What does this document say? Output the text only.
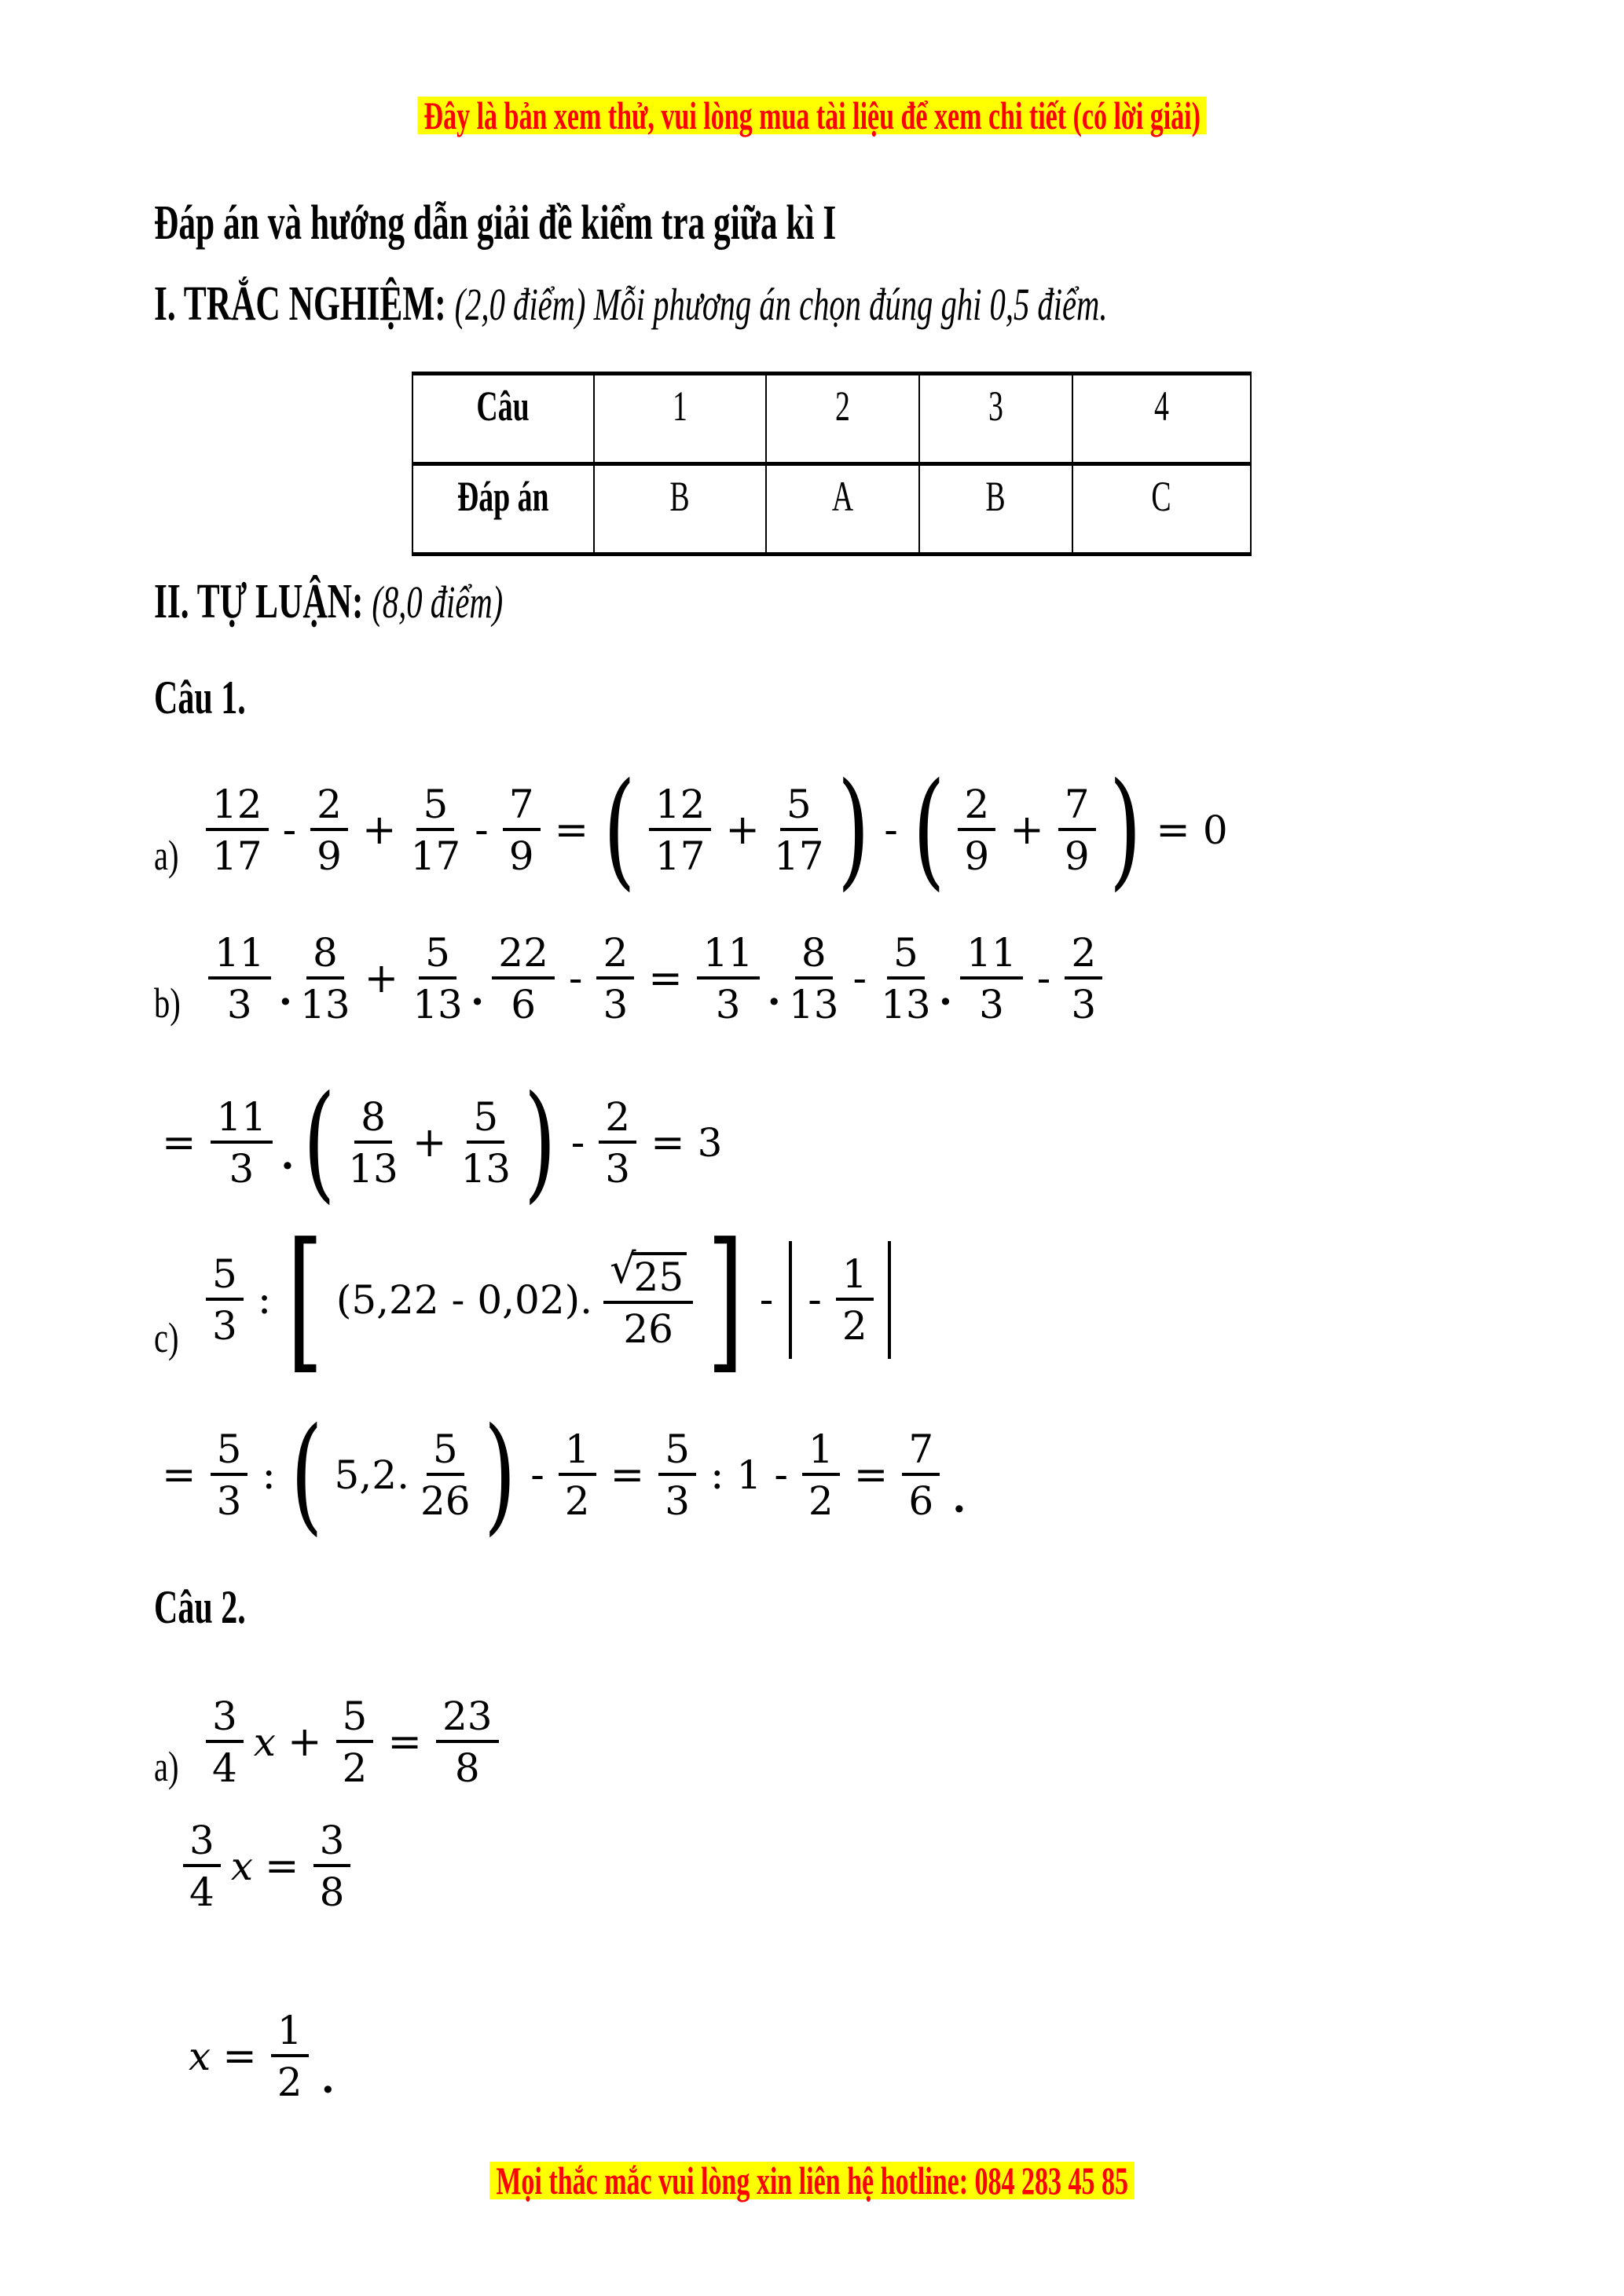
Đây là bản xem thử, vui lòng mua tài liệu để xem chi tiết (có lời giải)
Đáp án và hướng dẫn giải đề kiểm tra giữa kì I
I. TRẮC NGHIỆM: (2,0 điểm) Mỗi phương án chọn đúng ghi 0,5 điểm.
Câu	1	2	3	4
Đáp án	B	A	B	C
II. TỰ LUẬN: (8,0 điểm)
Câu 1.
$a) \frac{12}{17} - \frac{2}{9} + \frac{5}{17} - \frac{7}{9}$ = ( $\frac{12}{17} + \frac{5}{17}$ ) - ( $\frac{2}{9} + \frac{7}{9}$ ) = 0
$b) \frac{11}{3}$ . $\frac{8}{13} + \frac{5}{13}$ . $\frac{22}{6} - \frac{2}{3} = \frac{11}{3}$ . $\frac{8}{13} - \frac{5}{13}$ . $\frac{11}{3} - \frac{2}{3}$
= $\frac{11}{3}$ . ( $\frac{8}{13} + \frac{5}{13}$ ) - $\frac{2}{3} = 3$
$c) \frac{5}{3}$ : [ (5,22 - 0,02). √
25
26 ] - - $\frac{1}{2}$
= $\frac{5}{3}$ : ( 5,2. $\frac{5}{26}$ ) - $\frac{1}{2} = \frac{5}{3}$ : $1 - \frac{1}{2} = \frac{7}{6}$ .
Câu 2.
$a) \frac{3}{4}$ $x + \frac{5}{2} = \frac{23}{8}$
$\frac{3}{4}$ $x = \frac{3}{8}$
$x = \frac{1}{2}$ .
Mọi thắc mắc vui lòng xin liên hệ hotline: 084 283 45 85
